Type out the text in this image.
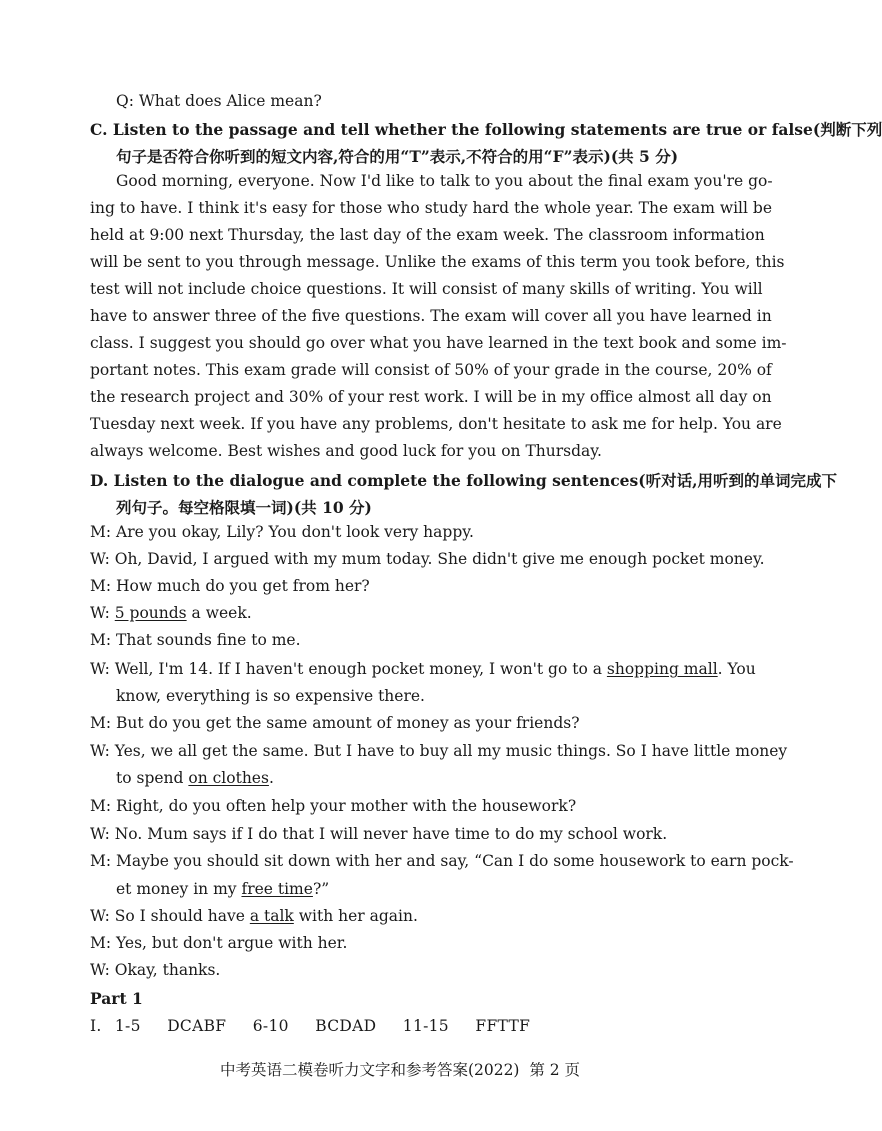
Q: What does Alice mean?
C. Listen to the passage and tell whether the following statements are true or false(判断下列
句子是否符合你听到的短文内容,符合的用“T”表示,不符合的用“F”表示)(共 5 分)
Good morning, everyone. Now I'd like to talk to you about the final exam you're go-
ing to have. I think it's easy for those who study hard the whole year. The exam will be
held at 9:00 next Thursday, the last day of the exam week. The classroom information
will be sent to you through message. Unlike the exams of this term you took before, this
test will not include choice questions. It will consist of many skills of writing. You will
have to answer three of the five questions. The exam will cover all you have learned in
class. I suggest you should go over what you have learned in the text book and some im-
portant notes. This exam grade will consist of 50% of your grade in the course, 20% of
the research project and 30% of your rest work. I will be in my office almost all day on
Tuesday next week. If you have any problems, don't hesitate to ask me for help. You are
always welcome. Best wishes and good luck for you on Thursday.
D. Listen to the dialogue and complete the following sentences(听对话,用听到的单词完成下
列句子。每空格限填一词)(共 10 分)
M: Are you okay, Lily? You don't look very happy.
W: Oh, David, I argued with my mum today. She didn't give me enough pocket money.
M: How much do you get from her?
W: 5 pounds a week.
M: That sounds fine to me.
W: Well, I'm 14. If I haven't enough pocket money, I won't go to a shopping mall. You
know, everything is so expensive there.
M: But do you get the same amount of money as your friends?
W: Yes, we all get the same. But I have to buy all my music things. So I have little money
to spend on clothes.
M: Right, do you often help your mother with the housework?
W: No. Mum says if I do that I will never have time to do my school work.
M: Maybe you should sit down with her and say, “Can I do some housework to earn pock-
et money in my free time?”
W: So I should have a talk with her again.
M: Yes, but don't argue with her.
W: Okay, thanks.
Part 1
I. 1-5  DCABF  6-10  BCDAD  11-15  FFTTF
中考英语二模卷听力文字和参考答案(2022)  第 2 页
